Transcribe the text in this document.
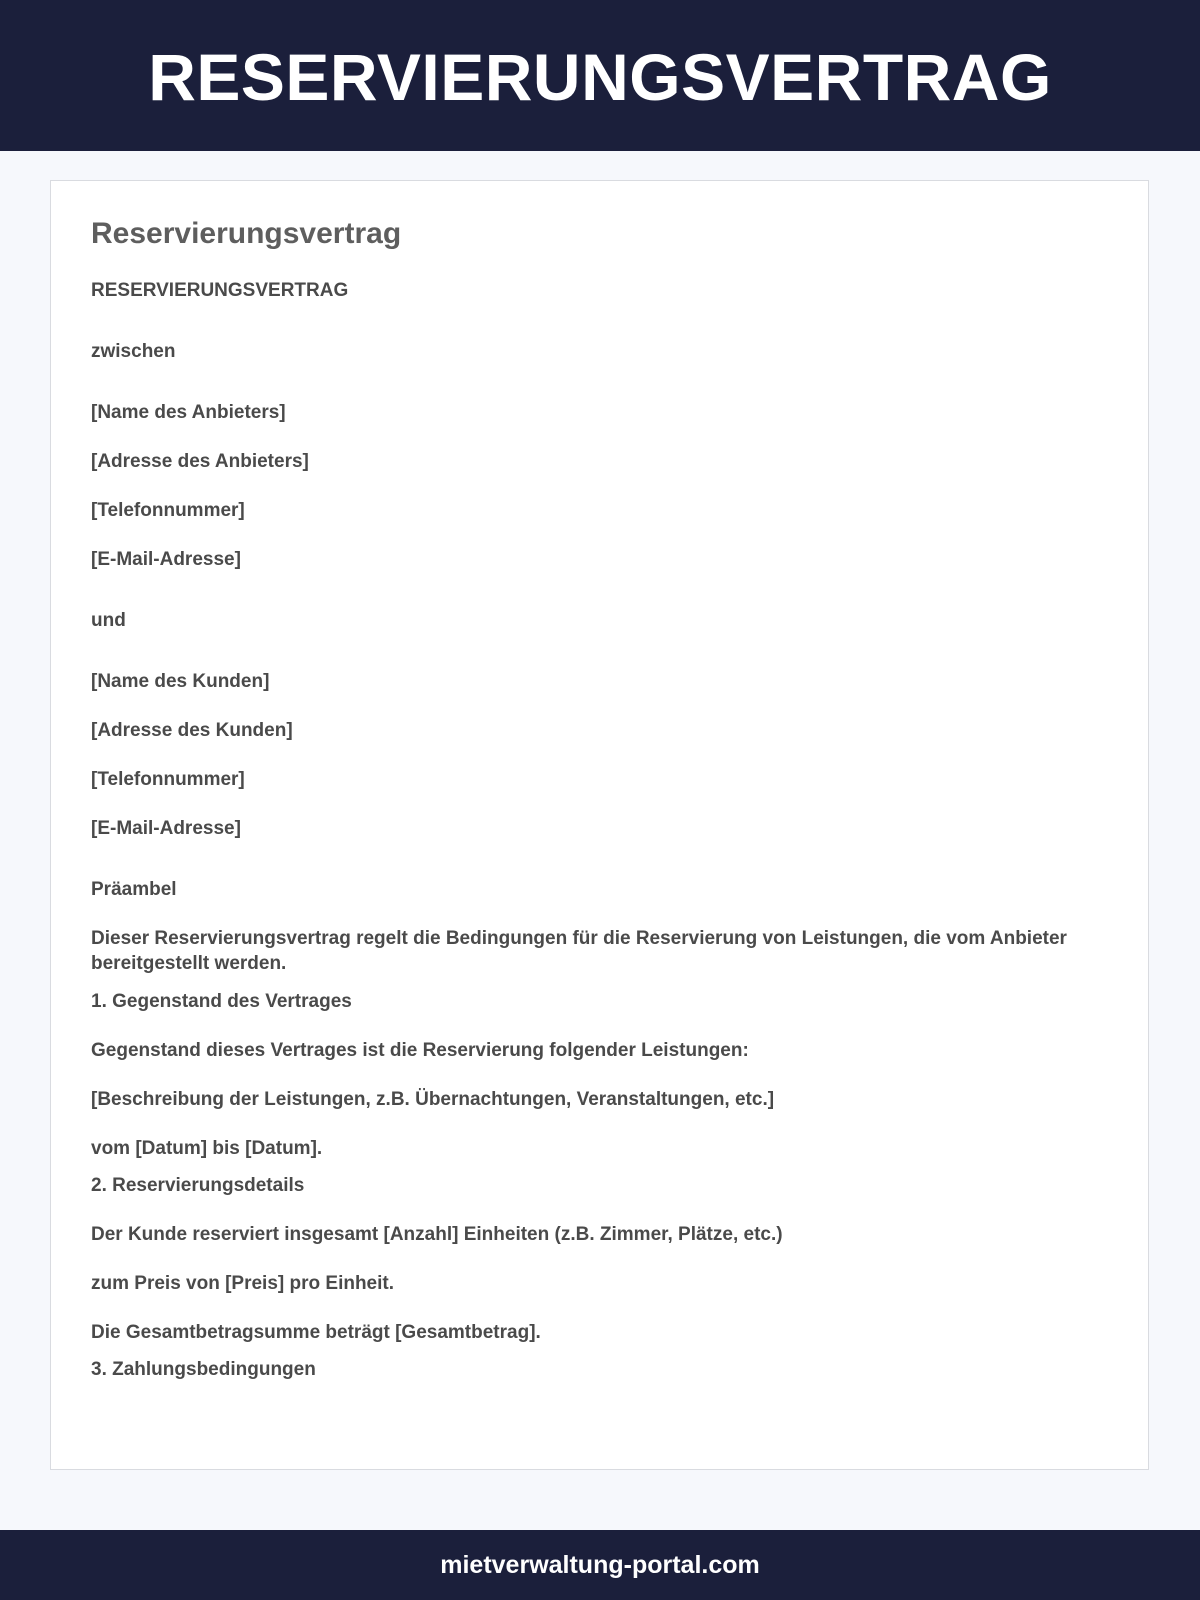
RESERVIERUNGSVERTRAG
Reservierungsvertrag

RESERVIERUNGSVERTRAG

zwischen

[Name des Anbieters]

[Adresse des Anbieters]

[Telefonnummer]

[E-Mail-Adresse]

und

[Name des Kunden]

[Adresse des Kunden]

[Telefonnummer]

[E-Mail-Adresse]

Präambel

Dieser Reservierungsvertrag regelt die Bedingungen für die Reservierung von Leistungen, die vom Anbieter bereitgestellt werden.

1. Gegenstand des Vertrages

Gegenstand dieses Vertrages ist die Reservierung folgender Leistungen:

[Beschreibung der Leistungen, z.B. Übernachtungen, Veranstaltungen, etc.]

vom [Datum] bis [Datum].

2. Reservierungsdetails

Der Kunde reserviert insgesamt [Anzahl] Einheiten (z.B. Zimmer, Plätze, etc.)

zum Preis von [Preis] pro Einheit.

Die Gesamtbetragsumme beträgt [Gesamtbetrag].

3. Zahlungsbedingungen

mietverwaltung-portal.com
